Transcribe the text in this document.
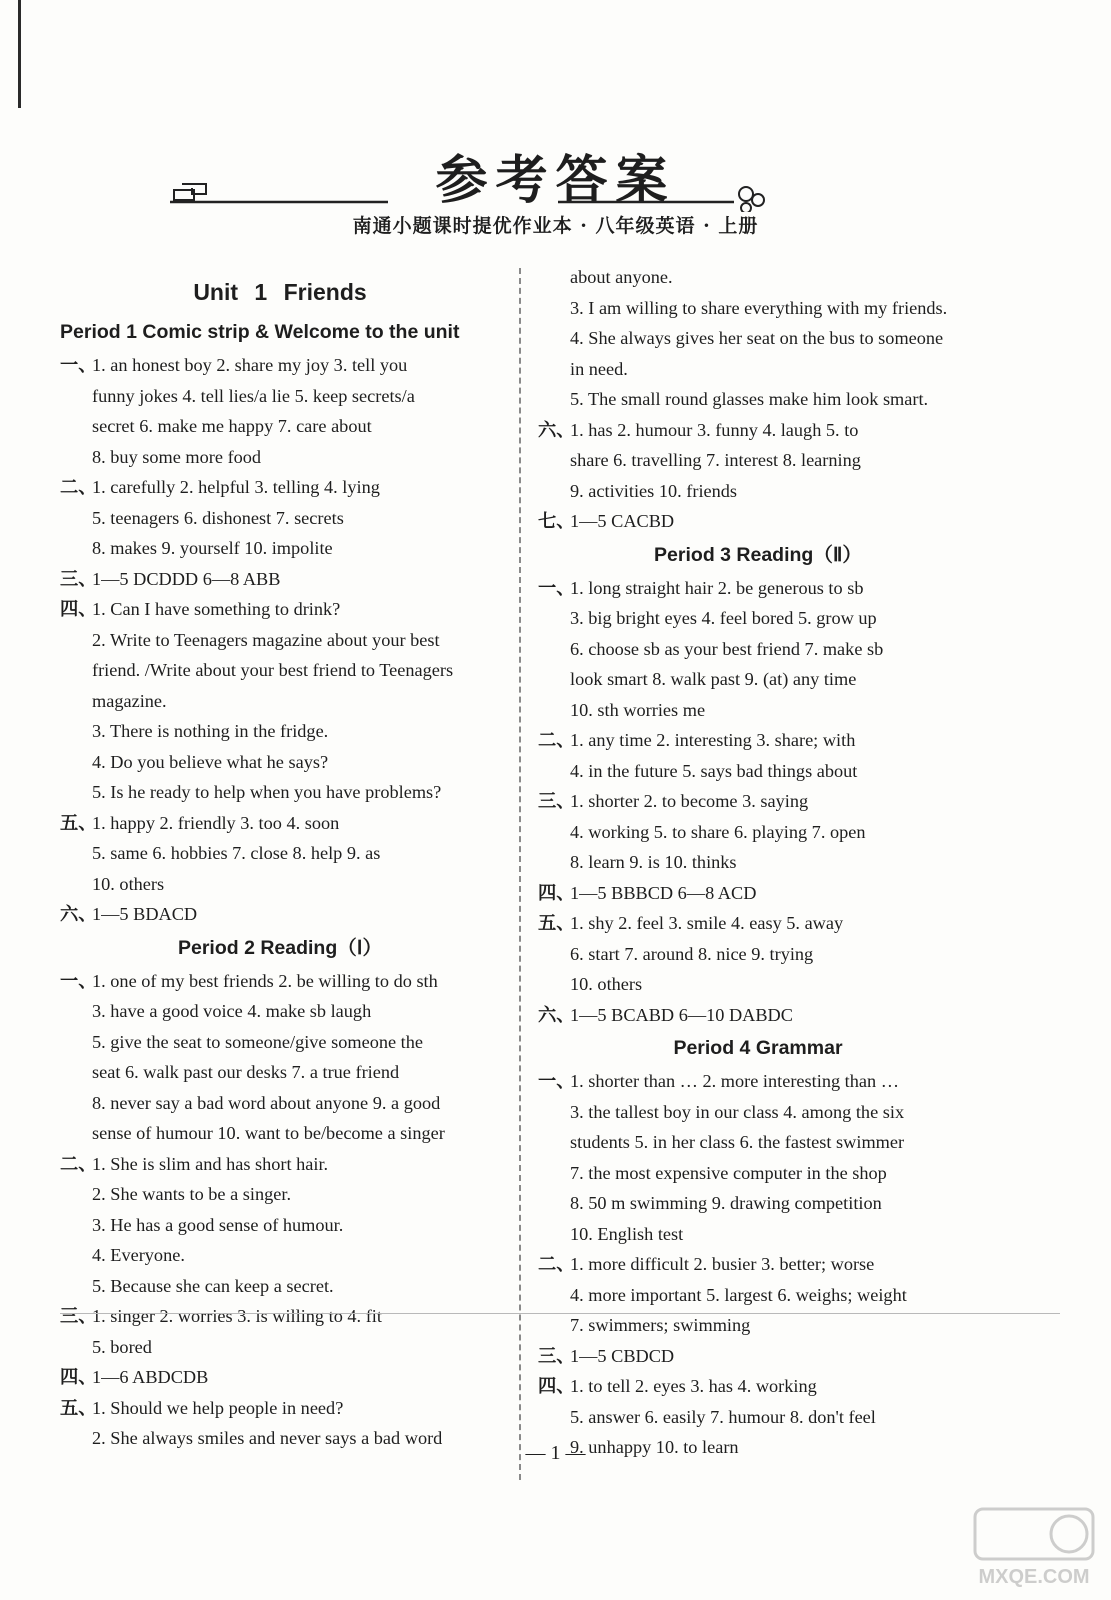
参考答案
南通小题课时提优作业本 · 八年级英语 · 上册
Unit 1 Friends
Period 1 Comic strip & Welcome to the unit
一、1. an honest boy 2. share my joy 3. tell you
funny jokes 4. tell lies/a lie 5. keep secrets/a
secret 6. make me happy 7. care about
8. buy some more food
二、1. carefully 2. helpful 3. telling 4. lying
5. teenagers 6. dishonest 7. secrets
8. makes 9. yourself 10. impolite
三、1—5 DCDDD 6—8 ABB
四、1. Can I have something to drink?
2. Write to Teenagers magazine about your best
friend. /Write about your best friend to Teenagers
magazine.
3. There is nothing in the fridge.
4. Do you believe what he says?
5. Is he ready to help when you have problems?
五、1. happy 2. friendly 3. too 4. soon
5. same 6. hobbies 7. close 8. help 9. as
10. others
六、1—5 BDACD
Period 2 Reading（Ⅰ）
一、1. one of my best friends 2. be willing to do sth
3. have a good voice 4. make sb laugh
5. give the seat to someone/give someone the
seat 6. walk past our desks 7. a true friend
8. never say a bad word about anyone 9. a good
sense of humour 10. want to be/become a singer
二、1. She is slim and has short hair.
2. She wants to be a singer.
3. He has a good sense of humour.
4. Everyone.
5. Because she can keep a secret.
三、1. singer 2. worries 3. is willing to 4. fit
5. bored
四、1—6 ABDCDB
五、1. Should we help people in need?
2. She always smiles and never says a bad word
about anyone.
3. I am willing to share everything with my friends.
4. She always gives her seat on the bus to someone
in need.
5. The small round glasses make him look smart.
六、1. has 2. humour 3. funny 4. laugh 5. to
share 6. travelling 7. interest 8. learning
9. activities 10. friends
七、1—5 CACBD
Period 3 Reading（Ⅱ）
一、1. long straight hair 2. be generous to sb
3. big bright eyes 4. feel bored 5. grow up
6. choose sb as your best friend 7. make sb
look smart 8. walk past 9. (at) any time
10. sth worries me
二、1. any time 2. interesting 3. share; with
4. in the future 5. says bad things about
三、1. shorter 2. to become 3. saying
4. working 5. to share 6. playing 7. open
8. learn 9. is 10. thinks
四、1—5 BBBCD 6—8 ACD
五、1. shy 2. feel 3. smile 4. easy 5. away
6. start 7. around 8. nice 9. trying
10. others
六、1—5 BCABD 6—10 DABDC
Period 4 Grammar
一、1. shorter than … 2. more interesting than …
3. the tallest boy in our class 4. among the six
students 5. in her class 6. the fastest swimmer
7. the most expensive computer in the shop
8. 50 m swimming 9. drawing competition
10. English test
二、1. more difficult 2. busier 3. better; worse
4. more important 5. largest 6. weighs; weight
7. swimmers; swimming
三、1—5 CBDCD
四、1. to tell 2. eyes 3. has 4. working
5. answer 6. easily 7. humour 8. don't feel
9. unhappy 10. to learn
— 1 —
MXQE.COM
